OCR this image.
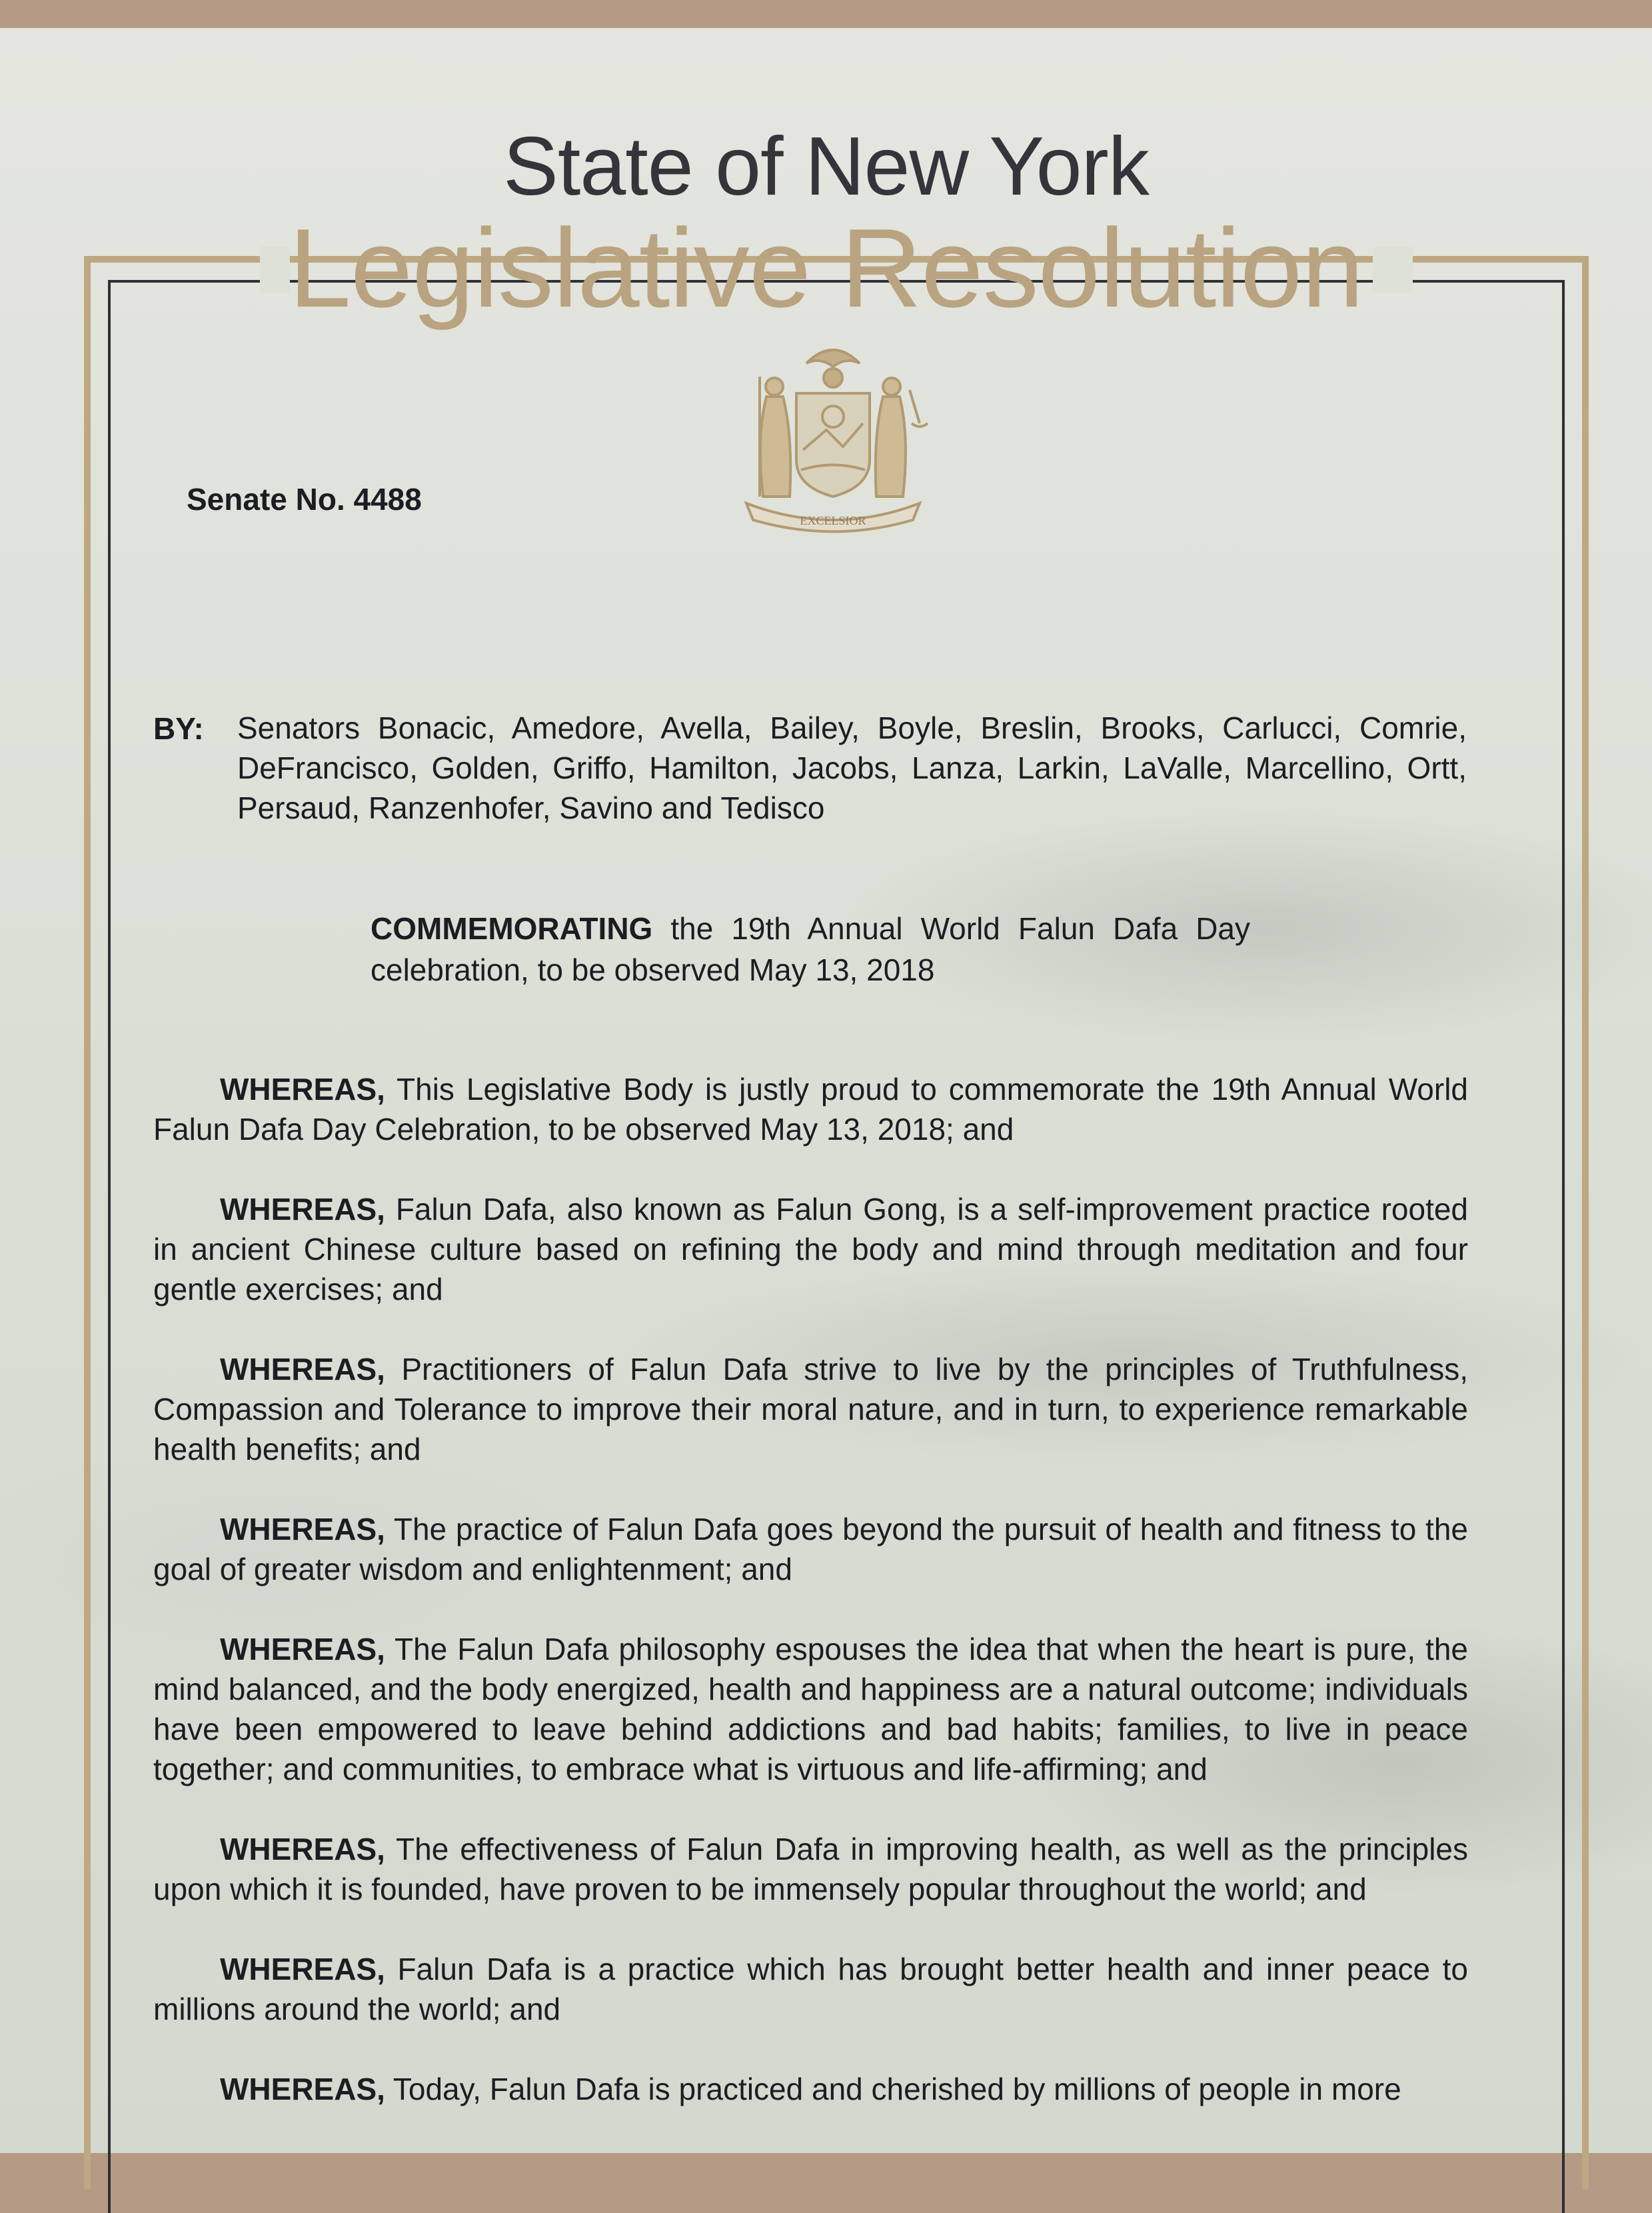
State of New York
Legislative Resolution
EXCELSIOR
Senate No. 4488
BY: Senators Bonacic, Amedore, Avella, Bailey, Boyle, Breslin, Brooks, Carlucci, Comrie, DeFrancisco, Golden, Griffo, Hamilton, Jacobs, Lanza, Larkin, LaValle, Marcellino, Ortt, Persaud, Ranzenhofer, Savino and Tedisco
COMMEMORATING the 19th Annual World Falun Dafa Day celebration, to be observed May 13, 2018

WHEREAS, This Legislative Body is justly proud to commemorate the 19th Annual World Falun Dafa Day Celebration, to be observed May 13, 2018; and

WHEREAS, Falun Dafa, also known as Falun Gong, is a self-improvement practice rooted in ancient Chinese culture based on refining the body and mind through meditation and four gentle exercises; and

WHEREAS, Practitioners of Falun Dafa strive to live by the principles of Truthfulness, Compassion and Tolerance to improve their moral nature, and in turn, to experience remarkable health benefits; and

WHEREAS, The practice of Falun Dafa goes beyond the pursuit of health and fitness to the goal of greater wisdom and enlightenment; and

WHEREAS, The Falun Dafa philosophy espouses the idea that when the heart is pure, the mind balanced, and the body energized, health and happiness are a natural outcome; individuals have been empowered to leave behind addictions and bad habits; families, to live in peace together; and communities, to embrace what is virtuous and life-affirming; and

WHEREAS, The effectiveness of Falun Dafa in improving health, as well as the principles upon which it is founded, have proven to be immensely popular throughout the world; and

WHEREAS, Falun Dafa is a practice which has brought better health and inner peace to millions around the world; and

WHEREAS, Today, Falun Dafa is practiced and cherished by millions of people in more
